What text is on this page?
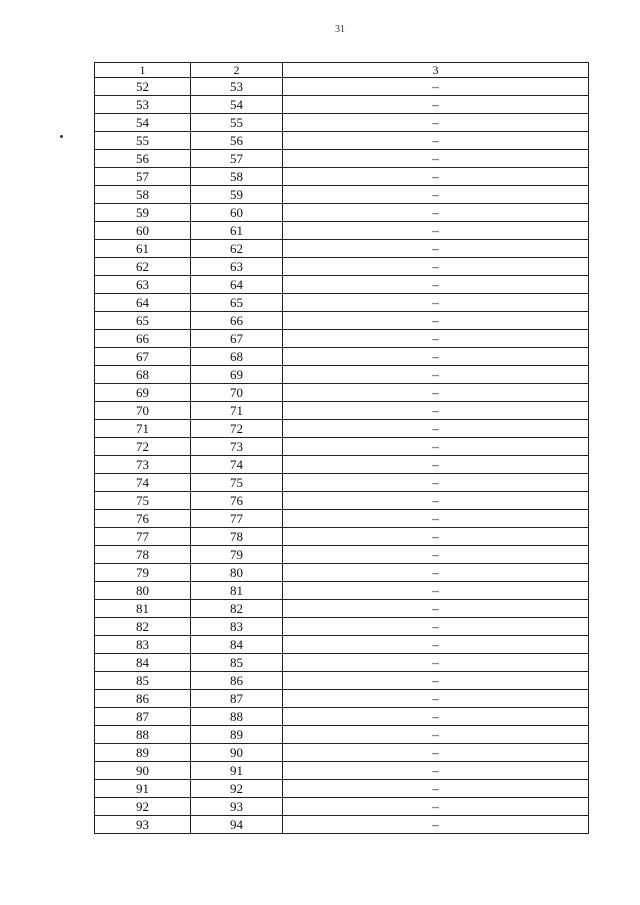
31
1	2	3
52	53	–
53	54	–
54	55	–
55	56	–
56	57	–
57	58	–
58	59	–
59	60	–
60	61	–
61	62	–
62	63	–
63	64	–
64	65	–
65	66	–
66	67	–
67	68	–
68	69	–
69	70	–
70	71	–
71	72	–
72	73	–
73	74	–
74	75	–
75	76	–
76	77	–
77	78	–
78	79	–
79	80	–
80	81	–
81	82	–
82	83	–
83	84	–
84	85	–
85	86	–
86	87	–
87	88	–
88	89	–
89	90	–
90	91	–
91	92	–
92	93	–
93	94	–
